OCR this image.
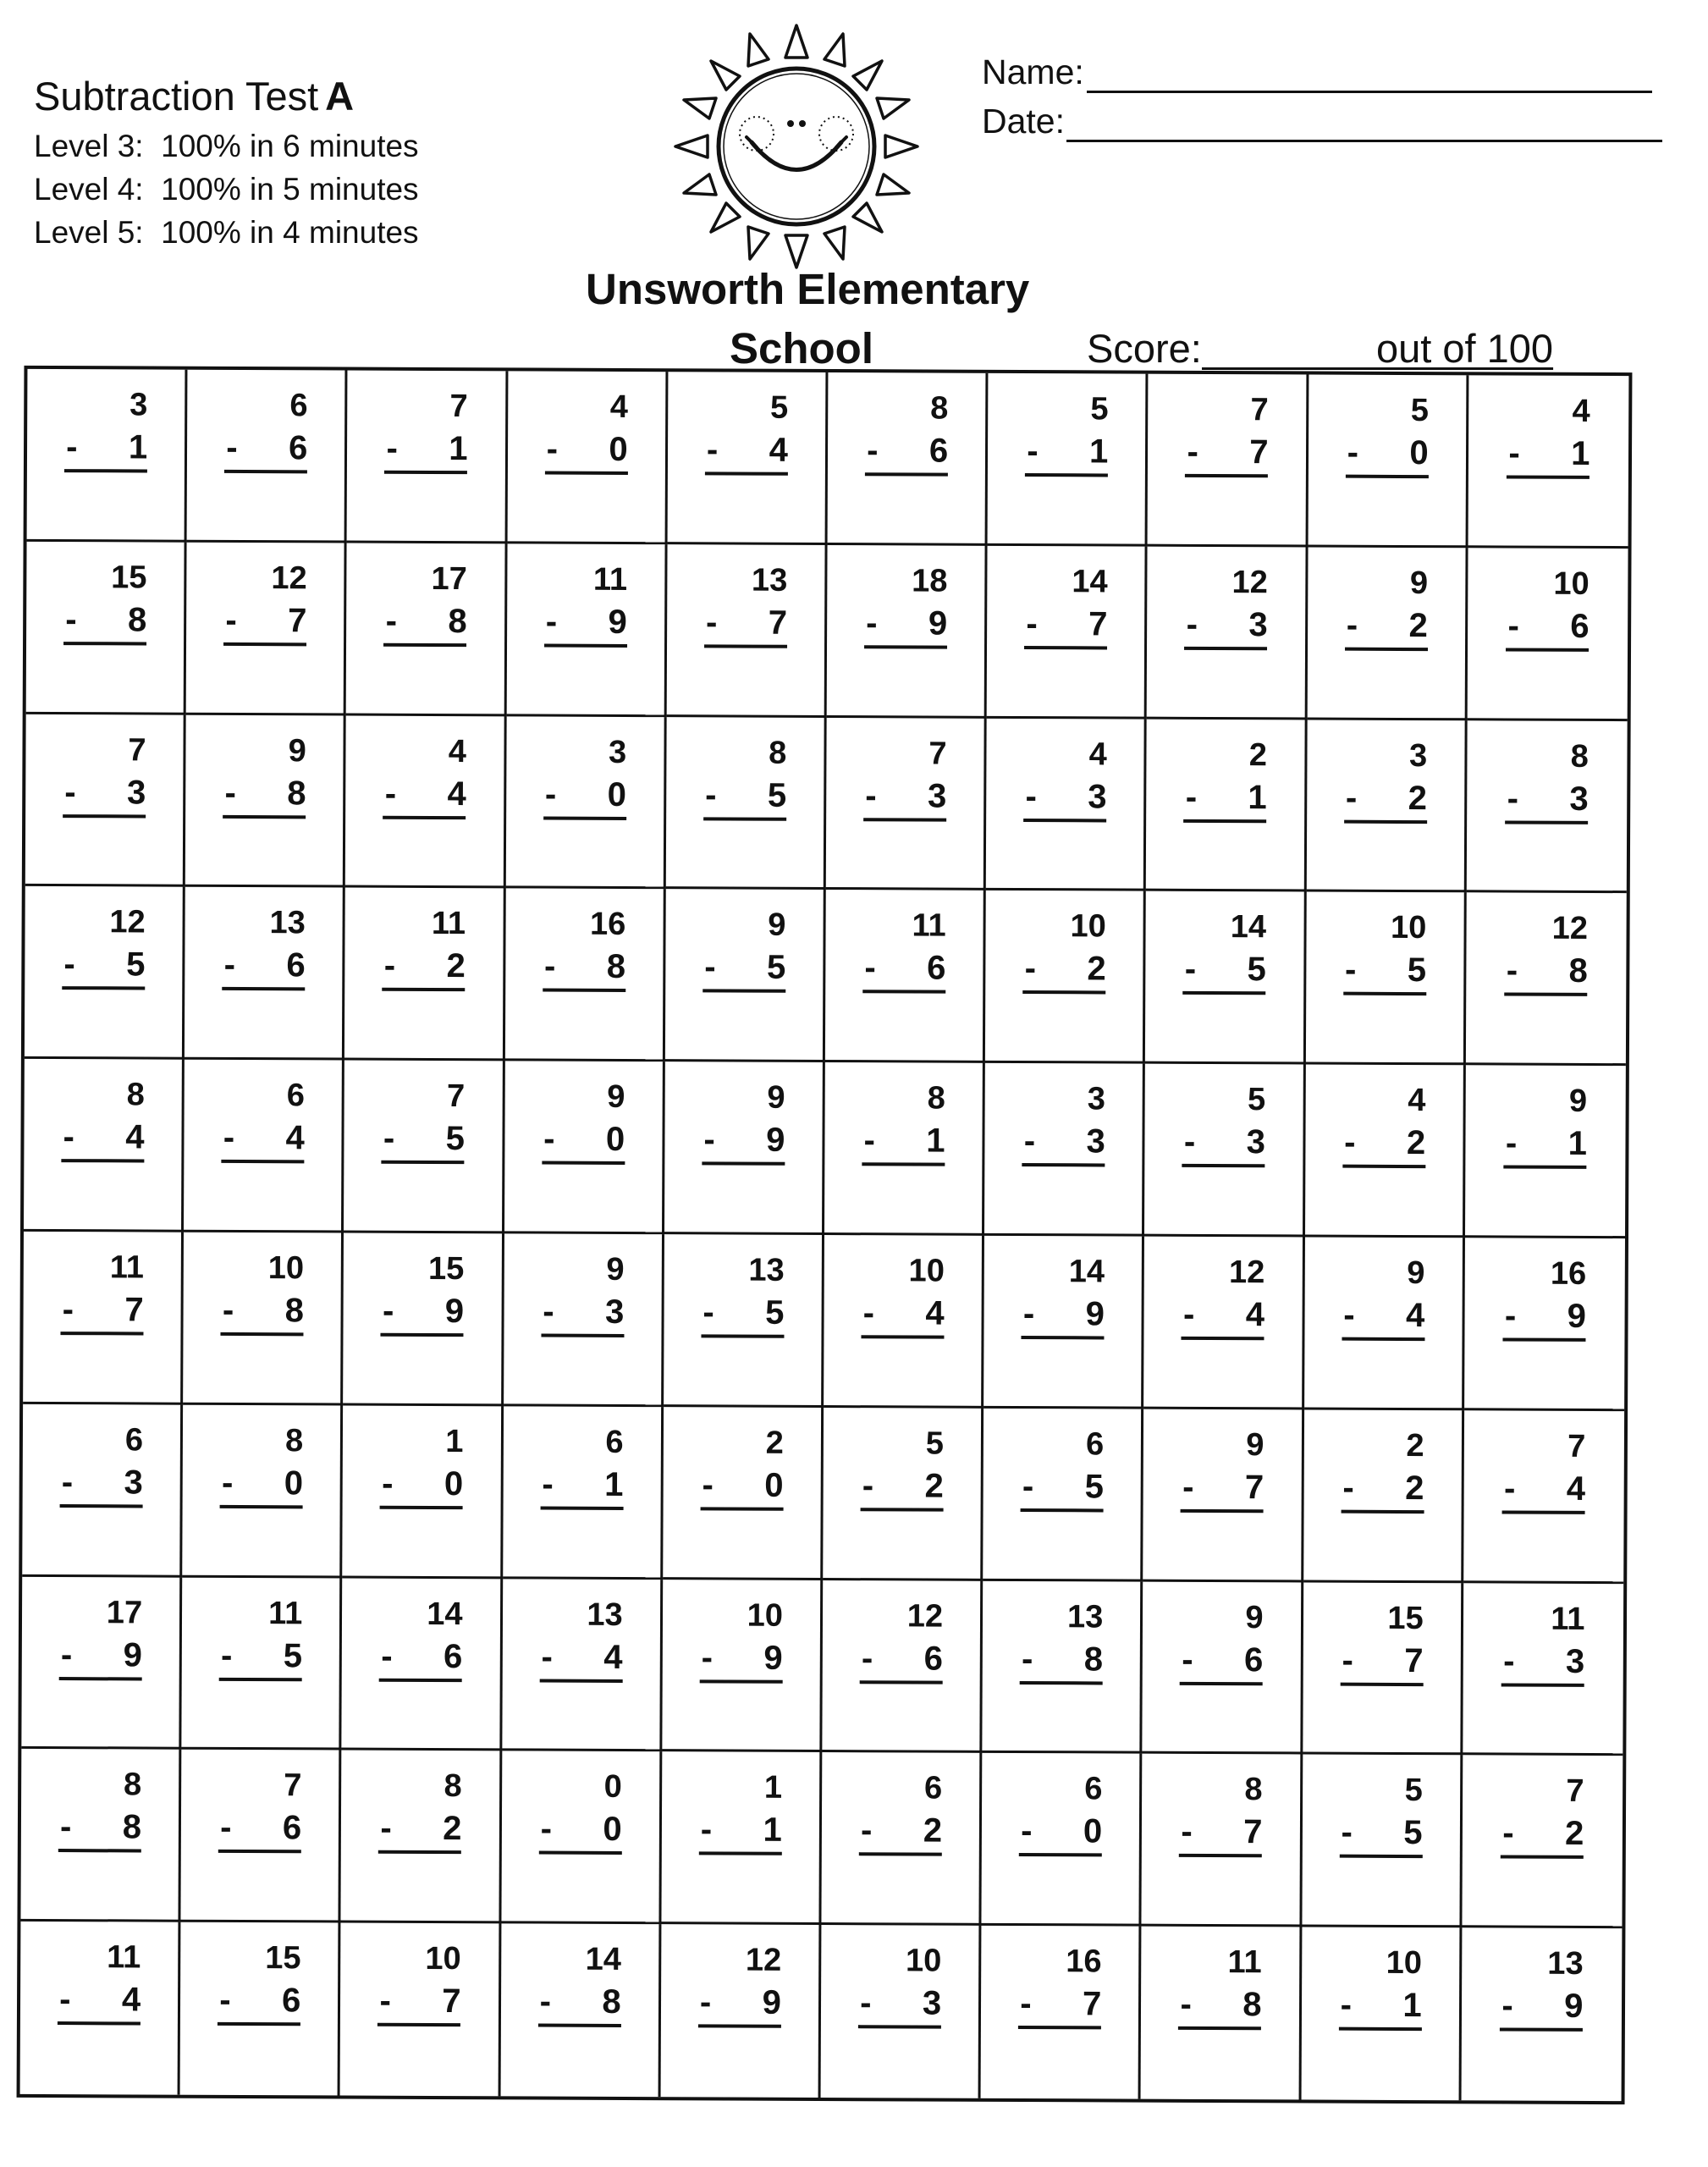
Subtraction Test A
Level 3:  100% in 6 minutes
Level 4:  100% in 5 minutes
Level 5:  100% in 4 minutes
Name:
Date:
Unsworth Elementary
School	Score:	out of 100
3
- 1
6
- 6
7
- 1
4
- 0
5
- 4
8
- 6
5
- 1
7
- 7
5
- 0
4
- 1
15
- 8
12
- 7
17
- 8
11
- 9
13
- 7
18
- 9
14
- 7
12
- 3
9
- 2
10
- 6
7
- 3
9
- 8
4
- 4
3
- 0
8
- 5
7
- 3
4
- 3
2
- 1
3
- 2
8
- 3
12
- 5
13
- 6
11
- 2
16
- 8
9
- 5
11
- 6
10
- 2
14
- 5
10
- 5
12
- 8
8
- 4
6
- 4
7
- 5
9
- 0
9
- 9
8
- 1
3
- 3
5
- 3
4
- 2
9
- 1
11
- 7
10
- 8
15
- 9
9
- 3
13
- 5
10
- 4
14
- 9
12
- 4
9
- 4
16
- 9
6
- 3
8
- 0
1
- 0
6
- 1
2
- 0
5
- 2
6
- 5
9
- 7
2
- 2
7
- 4
17
- 9
11
- 5
14
- 6
13
- 4
10
- 9
12
- 6
13
- 8
9
- 6
15
- 7
11
- 3
8
- 8
7
- 6
8
- 2
0
- 0
1
- 1
6
- 2
6
- 0
8
- 7
5
- 5
7
- 2
11
- 4
15
- 6
10
- 7
14
- 8
12
- 9
10
- 3
16
- 7
11
- 8
10
- 1
13
- 9
